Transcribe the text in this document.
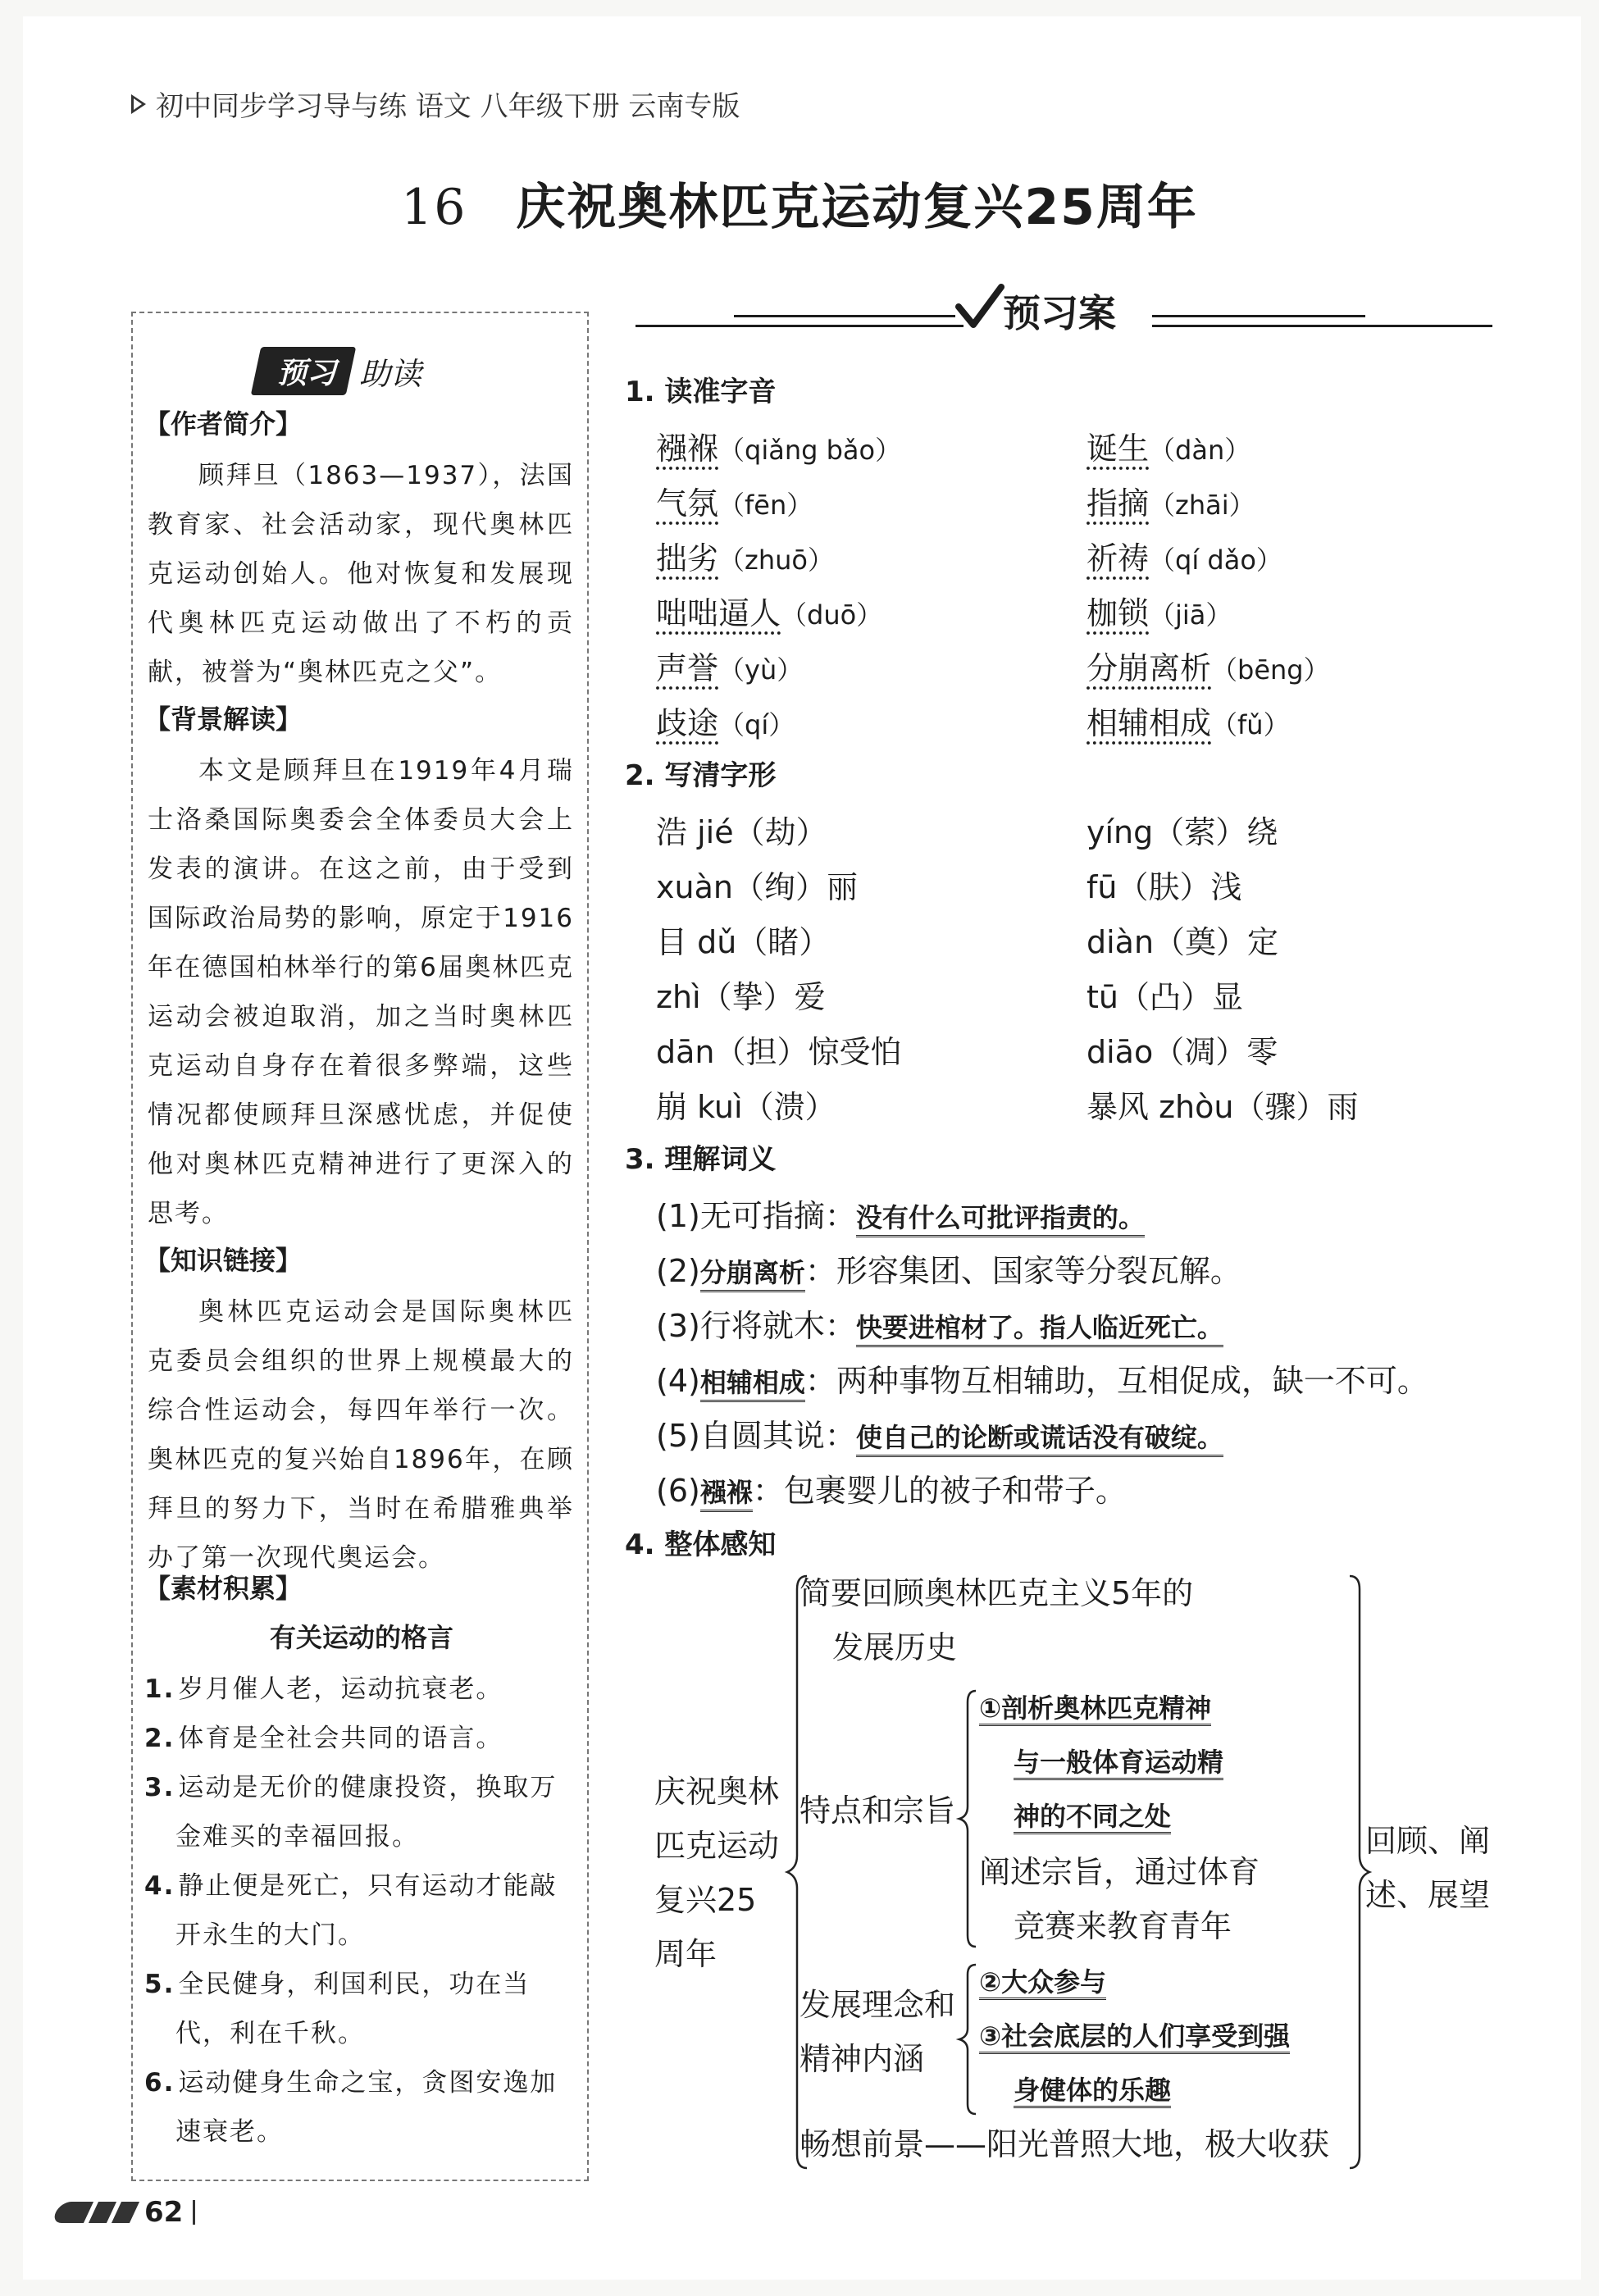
初中同步学习导与练 语文 八年级下册 云南专版
16 庆祝奥林匹克运动复兴25周年
预习 助读
【作者简介】
顾拜旦（1863—1937），法国教育家、社会活动家，现代奥林匹克运动创始人。他对恢复和发展现代奥林匹克运动做出了不朽的贡献，被誉为“奥林匹克之父”。
【背景解读】
本文是顾拜旦在1919年4月瑞士洛桑国际奥委会全体委员大会上发表的演讲。在这之前，由于受到国际政治局势的影响，原定于1916年在德国柏林举行的第6届奥林匹克运动会被迫取消，加之当时奥林匹克运动自身存在着很多弊端，这些情况都使顾拜旦深感忧虑，并促使他对奥林匹克精神进行了更深入的思考。
【知识链接】
奥林匹克运动会是国际奥林匹克委员会组织的世界上规模最大的综合性运动会，每四年举行一次。奥林匹克的复兴始自1896年，在顾拜旦的努力下，当时在希腊雅典举办了第一次现代奥运会。
【素材积累】
有关运动的格言
1. 岁月催人老，运动抗衰老。
2. 体育是全社会共同的语言。
3. 运动是无价的健康投资，换取万金难买的幸福回报。
4. 静止便是死亡，只有运动才能敲开永生的大门。
5. 全民健身，利国利民，功在当代，利在千秋。
6. 运动健身生命之宝，贪图安逸加速衰老。
预习案
1. 读准字音
襁褓（qiǎng bǎo）
气氛（fēn）
拙劣（zhuō）
咄咄逼人（duō）
声誉（yù）
歧途（qí）
诞生（dàn）
指摘（zhāi）
祈祷（qí dǎo）
枷锁（jiā）
分崩离析（bēng）
相辅相成（fǔ）
2. 写清字形
浩 jié（劫）
xuàn（绚）丽
目 dǔ（睹）
zhì（挚）爱
dān（担）惊受怕
崩 kuì（溃）
yíng（萦）绕
fū（肤）浅
diàn（奠）定
tū（凸）显
diāo（凋）零
暴风 zhòu（骤）雨
3. 理解词义
(1)无可指摘：没有什么可批评指责的。
(2)分崩离析：形容集团、国家等分裂瓦解。
(3)行将就木：快要进棺材了。指人临近死亡。
(4)相辅相成：两种事物互相辅助，互相促成，缺一不可。
(5)自圆其说：使自己的论断或谎话没有破绽。
(6)襁褓：包裹婴儿的被子和带子。
4. 整体感知
庆祝奥林
匹克运动
复兴25
周年
简要回顾奥林匹克主义5年的
发展历史
特点和宗旨
①剖析奥林匹克精神
与一般体育运动精
神的不同之处
阐述宗旨，通过体育
竞赛来教育青年
发展理念和
精神内涵
②大众参与
③社会底层的人们享受到强
身健体的乐趣
畅想前景——阳光普照大地，极大收获
回顾、阐
述、展望
62
